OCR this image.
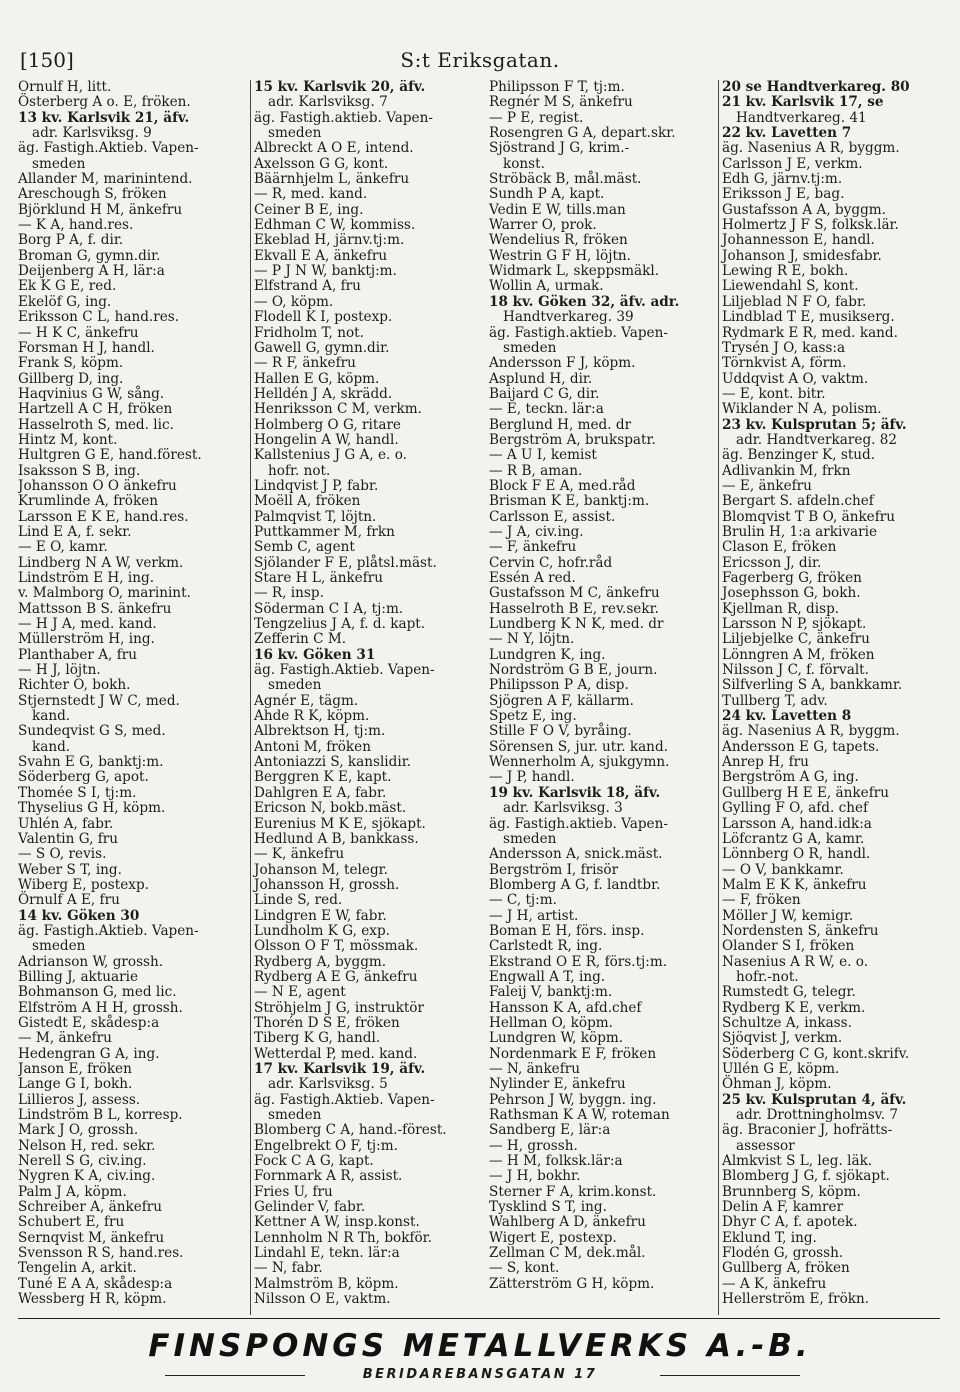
[150]	S:t Eriksgatan.
Örnulf H, litt.
Österberg A o. E, fröken.
13 kv. Karlsvik 21, äfv.
adr. Karlsviksg. 9
äg. Fastigh.Aktieb. Vapen-
smeden
Allander M, marinintend.
Areschough S, fröken
Björklund H M, änkefru
— K A, hand.res.
Borg P A, f. dir.
Broman G, gymn.dir.
Deijenberg A H, lär:a
Ek K G E, red.
Ekelöf G, ing.
Eriksson C L, hand.res.
— H K C, änkefru
Forsman H J, handl.
Frank S, köpm.
Gillberg D, ing.
Haqvinius G W, sång.
Hartzell A C H, fröken
Hasselroth S, med. lic.
Hintz M, kont.
Hultgren G E, hand.förest.
Isaksson S B, ing.
Johansson O O änkefru
Krumlinde A, fröken
Larsson E K E, hand.res.
Lind E A, f. sekr.
— E O, kamr.
Lindberg N A W, verkm.
Lindström E H, ing.
v. Malmborg O, marinint.
Mattsson B S. änkefru
— H J A, med. kand.
Müllerström H, ing.
Planthaber A, fru
— H J, löjtn.
Richter O, bokh.
Stjernstedt J W C, med.
kand.
Sundeqvist G S, med.
kand.
Svahn E G, banktj:m.
Söderberg G, apot.
Thomée S I, tj:m.
Thyselius G H, köpm.
Uhlén A, fabr.
Valentin G, fru
— S O, revis.
Weber S T, ing.
Wiberg E, postexp.
Örnulf A E, fru
14 kv. Göken 30
äg. Fastigh.Aktieb. Vapen-
smeden
Adrianson W, grossh.
Billing J, aktuarie
Bohmanson G, med lic.
Elfström A H H, grossh.
Gistedt E, skådesp:a
— M, änkefru
Hedengran G A, ing.
Janson E, fröken
Lange G I, bokh.
Lillieros J, assess.
Lindström B L, korresp.
Mark J O, grossh.
Nelson H, red. sekr.
Nerell S G, civ.ing.
Nygren K A, civ.ing.
Palm J A, köpm.
Schreiber A, änkefru
Schubert E, fru
Sernqvist M, änkefru
Svensson R S, hand.res.
Tengelin A, arkit.
Tuné E A A, skådesp:a
Wessberg H R, köpm.
15 kv. Karlsvik 20, äfv.
adr. Karlsviksg. 7
äg. Fastigh.aktieb. Vapen-
smeden
Albreckt A O E, intend.
Axelsson G G, kont.
Bäärnhjelm L, änkefru
— R, med. kand.
Ceiner B E, ing.
Edhman C W, kommiss.
Ekeblad H, järnv.tj:m.
Ekvall E A, änkefru
— P J N W, banktj:m.
Elfstrand A, fru
— O, köpm.
Flodell K I, postexp.
Fridholm T, not.
Gawell G, gymn.dir.
— R F, änkefru
Hallen E G, köpm.
Helldén J A, skrädd.
Henriksson C M, verkm.
Holmberg O G, ritare
Hongelin A W, handl.
Kallstenius J G A, e. o.
hofr. not.
Lindqvist J P, fabr.
Moëll A, fröken
Palmqvist T, löjtn.
Puttkammer M, frkn
Semb C, agent
Sjölander F E, plåtsl.mäst.
Stare H L, änkefru
— R, insp.
Söderman C I A, tj:m.
Tengzelius J A, f. d. kapt.
Zefferin C M.
16 kv. Göken 31
äg. Fastigh.Aktieb. Vapen-
smeden
Agnér E, tägm.
Ahde R K, köpm.
Albrektson H, tj:m.
Antoni M, fröken
Antoniazzi S, kanslidir.
Berggren K E, kapt.
Dahlgren E A, fabr.
Ericson N, bokb.mäst.
Eurenius M K E, sjökapt.
Hedlund A B, bankkass.
— K, änkefru
Johanson M, telegr.
Johansson H, grossh.
Linde S, red.
Lindgren E W, fabr.
Lundholm K G, exp.
Olsson O F T, mössmak.
Rydberg A, byggm.
Rydberg A E G, änkefru
— N E, agent
Ströhjelm J G, instruktör
Thorén D S E, fröken
Tiberg K G, handl.
Wetterdal P, med. kand.
17 kv. Karlsvik 19, äfv.
adr. Karlsviksg. 5
äg. Fastigh.Aktieb. Vapen-
smeden
Blomberg C A, hand.-förest.
Engelbrekt O F, tj:m.
Fock C A G, kapt.
Fornmark A R, assist.
Fries U, fru
Gelinder V, fabr.
Kettner A W, insp.konst.
Lennholm N R Th, bokför.
Lindahl E, tekn. lär:a
— N, fabr.
Malmström B, köpm.
Nilsson O E, vaktm.
Philipsson F T, tj:m.
Regnér M S, änkefru
— P E, regist.
Rosengren G A, depart.skr.
Sjöstrand J G, krim.-
konst.
Ströbäck B, mål.mäst.
Sundh P A, kapt.
Vedin E W, tills.man
Warrer O, prok.
Wendelius R, fröken
Westrin G F H, löjtn.
Widmark L, skeppsmäkl.
Wollin A, urmak.
18 kv. Göken 32, äfv. adr.
Handtverkareg. 39
äg. Fastigh.aktieb. Vapen-
smeden
Andersson F J, köpm.
Asplund H, dir.
Baijard C G, dir.
— E, teckn. lär:a
Berglund H, med. dr
Bergström A, brukspatr.
— A U I, kemist
— R B, aman.
Block F E A, med.råd
Brisman K E, banktj:m.
Carlsson E, assist.
— J A, civ.ing.
— F, änkefru
Cervin C, hofr.råd
Essén A red.
Gustafsson M C, änkefru
Hasselroth B E, rev.sekr.
Lundberg K N K, med. dr
— N Y, löjtn.
Lundgren K, ing.
Nordström G B E, journ.
Philipsson P A, disp.
Sjögren A F, källarm.
Spetz E, ing.
Stille F O V, byråing.
Sörensen S, jur. utr. kand.
Wennerholm A, sjukgymn.
— J P, handl.
19 kv. Karlsvik 18, äfv.
adr. Karlsviksg. 3
äg. Fastigh.aktieb. Vapen-
smeden
Andersson A, snick.mäst.
Bergström I, frisör
Blomberg A G, f. landtbr.
— C, tj:m.
— J H, artist.
Boman E H, förs. insp.
Carlstedt R, ing.
Ekstrand O E R, förs.tj:m.
Engwall A T, ing.
Faleij V, banktj:m.
Hansson K A, afd.chef
Hellman O, köpm.
Lundgren W, köpm.
Nordenmark E F, fröken
— N, änkefru
Nylinder E, änkefru
Pehrson J W, byggn. ing.
Rathsman K A W, roteman
Sandberg E, lär:a
— H, grossh.
— H M, folksk.lär:a
— J H, bokhr.
Sterner F A, krim.konst.
Tysklind S T, ing.
Wahlberg A D, änkefru
Wigert E, postexp.
Zellman C M, dek.mål.
— S, kont.
Zätterström G H, köpm.
20 se Handtverkareg. 80
21 kv. Karlsvik 17, se
Handtverkareg. 41
22 kv. Lavetten 7
äg. Nasenius A R, byggm.
Carlsson J E, verkm.
Edh G, järnv.tj:m.
Eriksson J E, bag.
Gustafsson A A, byggm.
Holmertz J F S, folksk.lär.
Johannesson E, handl.
Johanson J, smidesfabr.
Lewing R E, bokh.
Liewendahl S, kont.
Liljeblad N F O, fabr.
Lindblad T E, musikserg.
Rydmark E R, med. kand.
Trysén J O, kass:a
Törnkvist A, förm.
Uddqvist A O, vaktm.
— E, kont. bitr.
Wiklander N A, polism.
23 kv. Kulsprutan 5; äfv.
adr. Handtverkareg. 82
äg. Benzinger K, stud.
Adlivankin M, frkn
— E, änkefru
Bergart S. afdeln.chef
Blomqvist T B O, änkefru
Brulin H, 1:a arkivarie
Clason E, fröken
Ericsson J, dir.
Fagerberg G, fröken
Josephsson G, bokh.
Kjellman R, disp.
Larsson N P, sjökapt.
Liljebjelke C, änkefru
Lönngren A M, fröken
Nilsson J C, f. förvalt.
Silfverling S A, bankkamr.
Tullberg T, adv.
24 kv. Lavetten 8
äg. Nasenius A R, byggm.
Andersson E G, tapets.
Anrep H, fru
Bergström A G, ing.
Gullberg H E E, änkefru
Gylling F O, afd. chef
Larsson A, hand.idk:a
Löfcrantz G A, kamr.
Lönnberg O R, handl.
— O V, bankkamr.
Malm E K K, änkefru
— F, fröken
Möller J W, kemigr.
Nordensten S, änkefru
Olander S I, fröken
Nasenius A R W, e. o.
hofr.-not.
Rumstedt G, telegr.
Rydberg K E, verkm.
Schultze A, inkass.
Sjöqvist J, verkm.
Söderberg C G, kont.skrifv.
Ullén G E, köpm.
Öhman J, köpm.
25 kv. Kulsprutan 4, äfv.
adr. Drottningholmsv. 7
äg. Braconier J, hofrätts-
assessor
Almkvist S L, leg. läk.
Blomberg J G, f. sjökapt.
Brunnberg S, köpm.
Delin A F, kamrer
Dhyr C A, f. apotek.
Eklund T, ing.
Flodén G, grossh.
Gullberg A, fröken
— A K, änkefru
Hellerström E, frökn.
FINSPONGS METALLVERKS A.-B.
BERIDAREBANSGATAN 17
